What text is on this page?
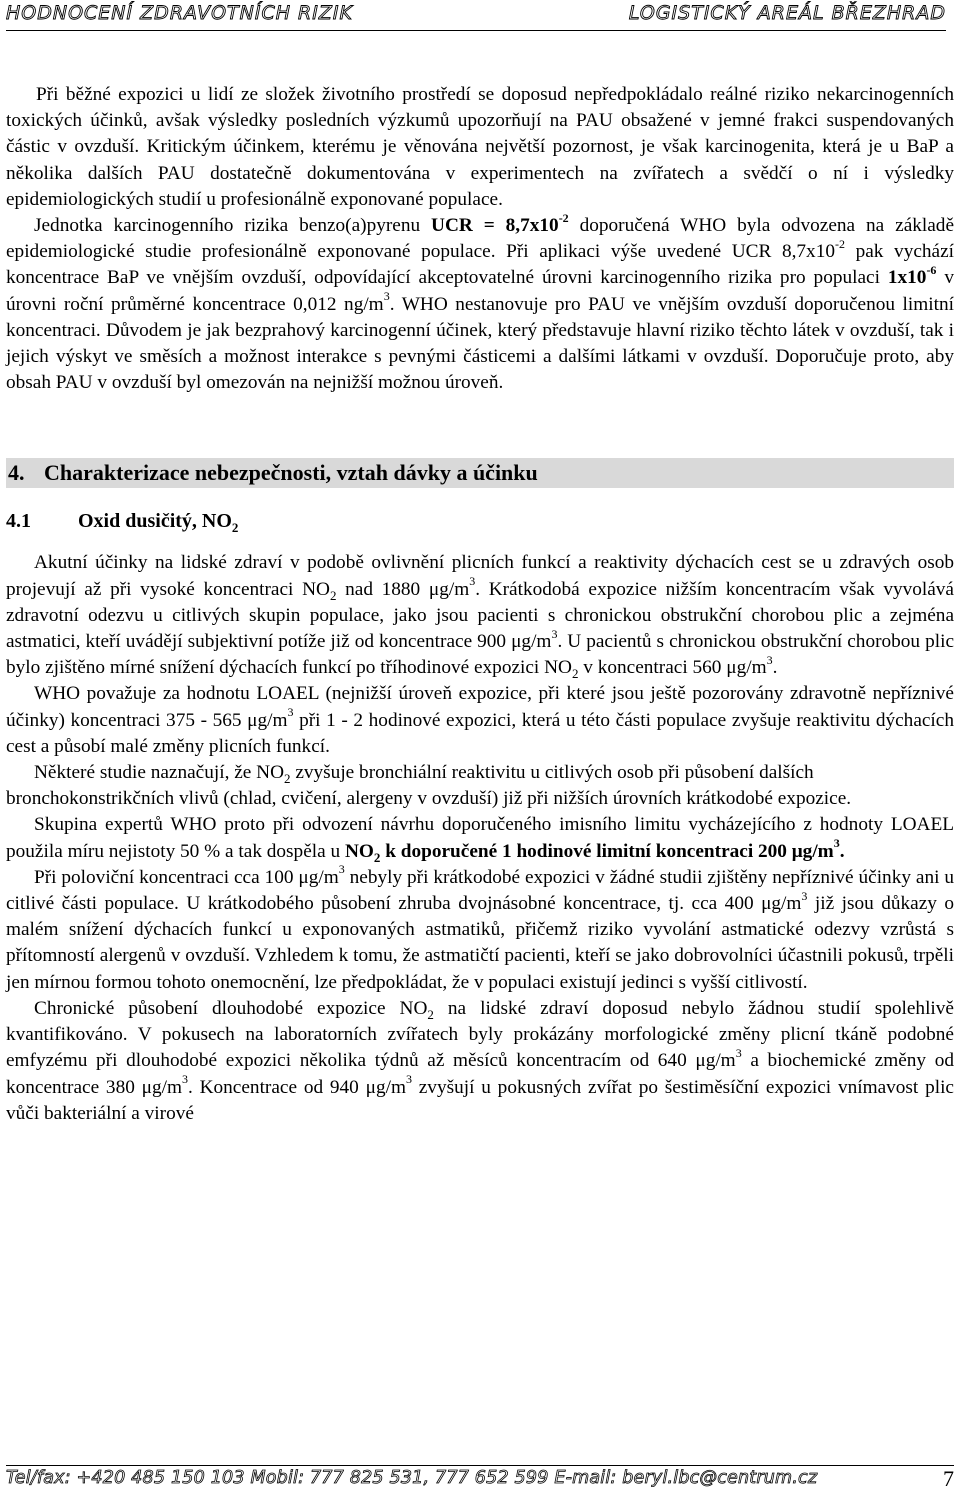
HODNOCENÍ ZDRAVOTNÍCH RIZIK	LOGISTICKÝ AREÁL BŘEZHRAD

Při běžné expozici u lidí ze složek životního prostředí se doposud nepředpokládalo reálné riziko nekarcinogenních toxických účinků, avšak výsledky posledních výzkumů upozorňují na PAU obsažené v jemné frakci suspendovaných částic v ovzduší. Kritickým účinkem, kterému je věnována největší pozornost, je však karcinogenita, která je u BaP a několika dalších PAU dostatečně dokumentována v experimentech na zvířatech a svědčí o ní i výsledky epidemiologických studií u profesionálně exponované populace.

Jednotka karcinogenního rizika benzo(a)pyrenu UCR = $8,7x10^{-2}$ doporučená WHO byla odvozena na základě epidemiologické studie profesionálně exponované populace. Při aplikaci výše uvedené UCR $8,7x10^{-2}$ pak vychází koncentrace BaP ve vnějším ovzduší, odpovídající akceptovatelné úrovni karcinogenního rizika pro populaci $1x10^{-6}$ v úrovni roční průměrné koncentrace 0,012 $ng/m^3$. WHO nestanovuje pro PAU ve vnějším ovzduší doporučenou limitní koncentraci. Důvodem je jak bezprahový karcinogenní účinek, který představuje hlavní riziko těchto látek v ovzduší, tak i jejich výskyt ve směsích a možnost interakce s pevnými částicemi a dalšími látkami v ovzduší. Doporučuje proto, aby obsah PAU v ovzduší byl omezován na nejnižší možnou úroveň.

4. Charakterizace nebezpečnosti, vztah dávky a účinku
4.1 Oxid dusičitý, $NO_2$

Akutní účinky na lidské zdraví v podobě ovlivnění plicních funkcí a reaktivity dýchacích cest se u zdravých osob projevují až při vysoké koncentraci $NO_2$ nad 1880 $\mu g/m^3$. Krátkodobá expozice nižším koncentracím však vyvolává zdravotní odezvu u citlivých skupin populace, jako jsou pacienti s chronickou obstrukční chorobou plic a zejména astmatici, kteří uvádějí subjektivní potíže již od koncentrace 900 $\mu g/m^3$. U pacientů s chronickou obstrukční chorobou plic bylo zjištěno mírné snížení dýchacích funkcí po tříhodinové expozici $NO_2$ v koncentraci 560 $\mu g/m^3$.

WHO považuje za hodnotu LOAEL (nejnižší úroveň expozice, při které jsou ještě pozorovány zdravotně nepříznivé účinky) koncentraci 375 - 565 $\mu g/m^3$ při 1 - 2 hodinové expozici, která u této části populace zvyšuje reaktivitu dýchacích cest a působí malé změny plicních funkcí.

Některé studie naznačují, že $NO_2$ zvyšuje bronchiální reaktivitu u citlivých osob při působení dalších bronchokonstrikčních vlivů (chlad, cvičení, alergeny v ovzduší) již při nižších úrovních krátkodobé expozice.

Skupina expertů WHO proto při odvození návrhu doporučeného imisního limitu vycházejícího z hodnoty LOAEL použila míru nejistoty 50 % a tak dospěla u $NO_2$ k doporučené 1 hodinové limitní koncentraci 200 $\mu g/m^3$.

Při poloviční koncentraci cca 100 $\mu g/m^3$ nebyly při krátkodobé expozici v žádné studii zjištěny nepříznivé účinky ani u citlivé části populace. U krátkodobého působení zhruba dvojnásobné koncentrace, tj. cca 400 $\mu g/m^3$ již jsou důkazy o malém snížení dýchacích funkcí u exponovaných astmatiků, přičemž riziko vyvolání astmatické odezvy vzrůstá s přítomností alergenů v ovzduší. Vzhledem k tomu, že astmatičtí pacienti, kteří se jako dobrovolníci účastnili pokusů, trpěli jen mírnou formou tohoto onemocnění, lze předpokládat, že v populaci existují jedinci s vyšší citlivostí.

Chronické působení dlouhodobé expozice $NO_2$ na lidské zdraví doposud nebylo žádnou studií spolehlivě kvantifikováno. V pokusech na laboratorních zvířatech byly prokázány morfologické změny plicní tkáně podobné emfyzému při dlouhodobé expozici několika týdnů až měsíců koncentracím od 640 $\mu g/m^3$ a biochemické změny od koncentrace 380 $\mu g/m^3$. Koncentrace od 940 $\mu g/m^3$ zvyšují u pokusných zvířat po šestiměsíční expozici vnímavost plic vůči bakteriální a virové

Tel/fax: +420 485 150 103 Mobil: 777 825 531, 777 652 599 E-mail: beryl.lbc@centrum.cz	7
